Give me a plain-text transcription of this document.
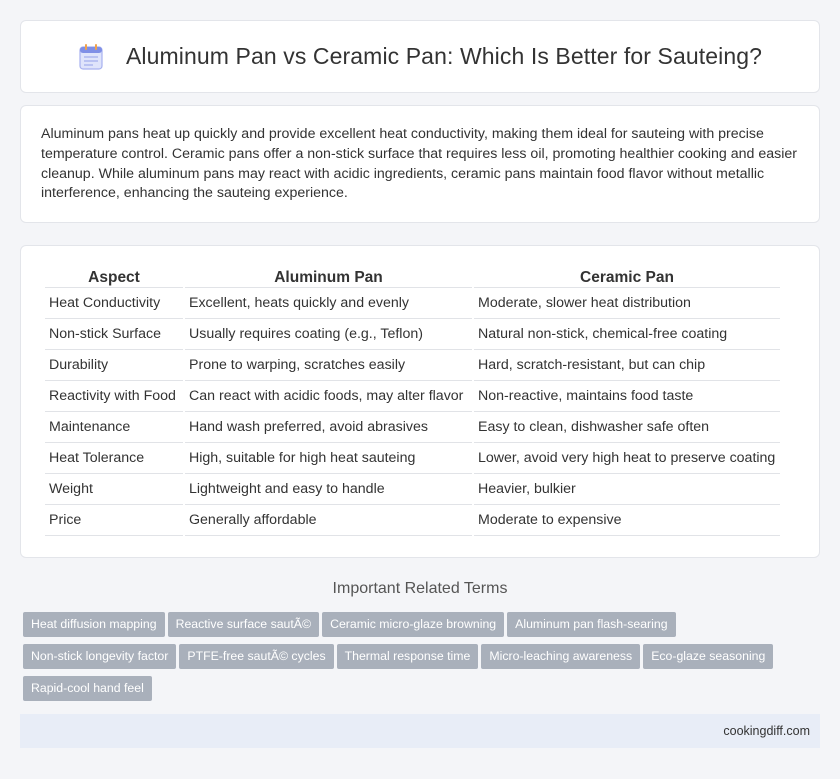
Aluminum Pan vs Ceramic Pan: Which Is Better for Sauteing?

Aluminum pans heat up quickly and provide excellent heat conductivity, making them ideal for sauteing with precise temperature control. Ceramic pans offer a non-stick surface that requires less oil, promoting healthier cooking and easier cleanup. While aluminum pans may react with acidic ingredients, ceramic pans maintain food flavor without metallic interference, enhancing the sauteing experience.

Aspect	Aluminum Pan	Ceramic Pan
Heat Conductivity	Excellent, heats quickly and evenly	Moderate, slower heat distribution
Non-stick Surface	Usually requires coating (e.g., Teflon)	Natural non-stick, chemical-free coating
Durability	Prone to warping, scratches easily	Hard, scratch-resistant, but can chip
Reactivity with Food	Can react with acidic foods, may alter flavor	Non-reactive, maintains food taste
Maintenance	Hand wash preferred, avoid abrasives	Easy to clean, dishwasher safe often
Heat Tolerance	High, suitable for high heat sauteing	Lower, avoid very high heat to preserve coating
Weight	Lightweight and easy to handle	Heavier, bulkier
Price	Generally affordable	Moderate to expensive
Important Related Terms
Heat diffusion mapping Reactive surface sautÃ© Ceramic micro-glaze browning Aluminum pan flash-searing
Non-stick longevity factor PTFE-free sautÃ© cycles Thermal response time Micro-leaching awareness Eco-glaze seasoning
Rapid-cool hand feel
cookingdiff.com
